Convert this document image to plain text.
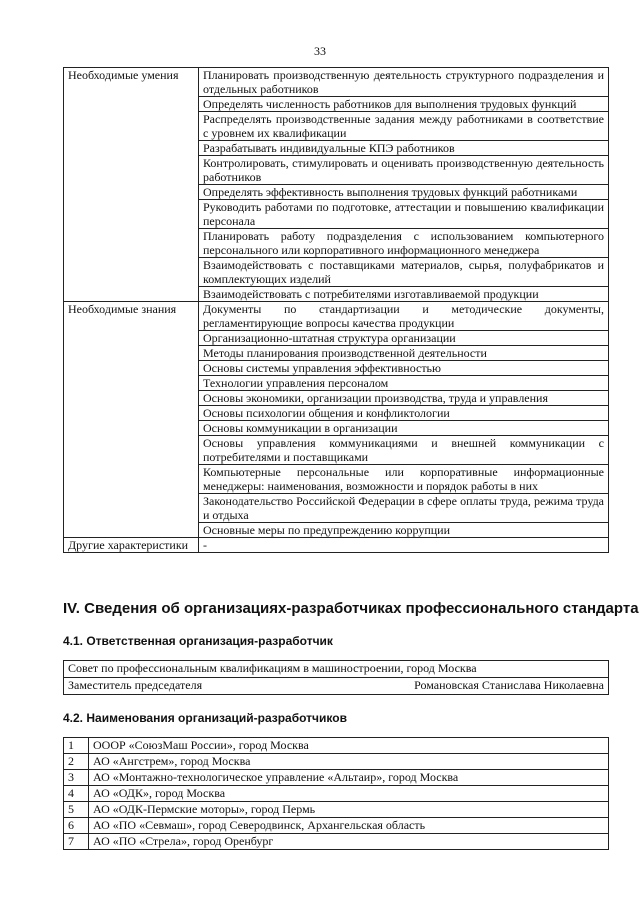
33
Необходимые умения	Планировать производственную деятельность структурного подразделения и отдельных работников
	Определять численность работников для выполнения трудовых функций
	Распределять производственные задания между работниками в соответствие с уровнем их квалификации
	Разрабатывать индивидуальные КПЭ работников
	Контролировать, стимулировать и оценивать производственную деятельность работников
	Определять эффективность выполнения трудовых функций работниками
	Руководить работами по подготовке, аттестации и повышению квалификации персонала
	Планировать работу подразделения с использованием компьютерного персонального или корпоративного информационного менеджера
	Взаимодействовать с поставщиками материалов, сырья, полуфабрикатов и комплектующих изделий
	Взаимодействовать с потребителями изготавливаемой продукции
Необходимые знания	Документы по стандартизации и методические документы, регламентирующие вопросы качества продукции
	Организационно-штатная структура организации
	Методы планирования производственной деятельности
	Основы системы управления эффективностью
	Технологии управления персоналом
	Основы экономики, организации производства, труда и управления
	Основы психологии общения и конфликтологии
	Основы коммуникации в организации
	Основы управления коммуникациями и внешней коммуникации с потребителями и поставщиками
	Компьютерные персональные или корпоративные информационные менеджеры: наименования, возможности и порядок работы в них
	Законодательство Российской Федерации в сфере оплаты труда, режима труда и отдыха
	Основные меры по предупреждению коррупции
Другие характеристики	-
IV. Сведения об организациях-разработчиках профессионального стандарта
4.1. Ответственная организация-разработчик
Совет по профессиональным квалификациям в машиностроении, город Москва
Заместитель председателя	Романовская Станислава Николаевна
4.2. Наименования организаций-разработчиков
1	ОООР «СоюзМаш России», город Москва
2	АО «Ангстрем», город Москва
3	АО «Монтажно-технологическое управление «Альтаир», город Москва
4	АО «ОДК», город Москва
5	АО «ОДК-Пермские моторы», город Пермь
6	АО «ПО «Севмаш», город Северодвинск, Архангельская область
7	АО «ПО «Стрела», город Оренбург
